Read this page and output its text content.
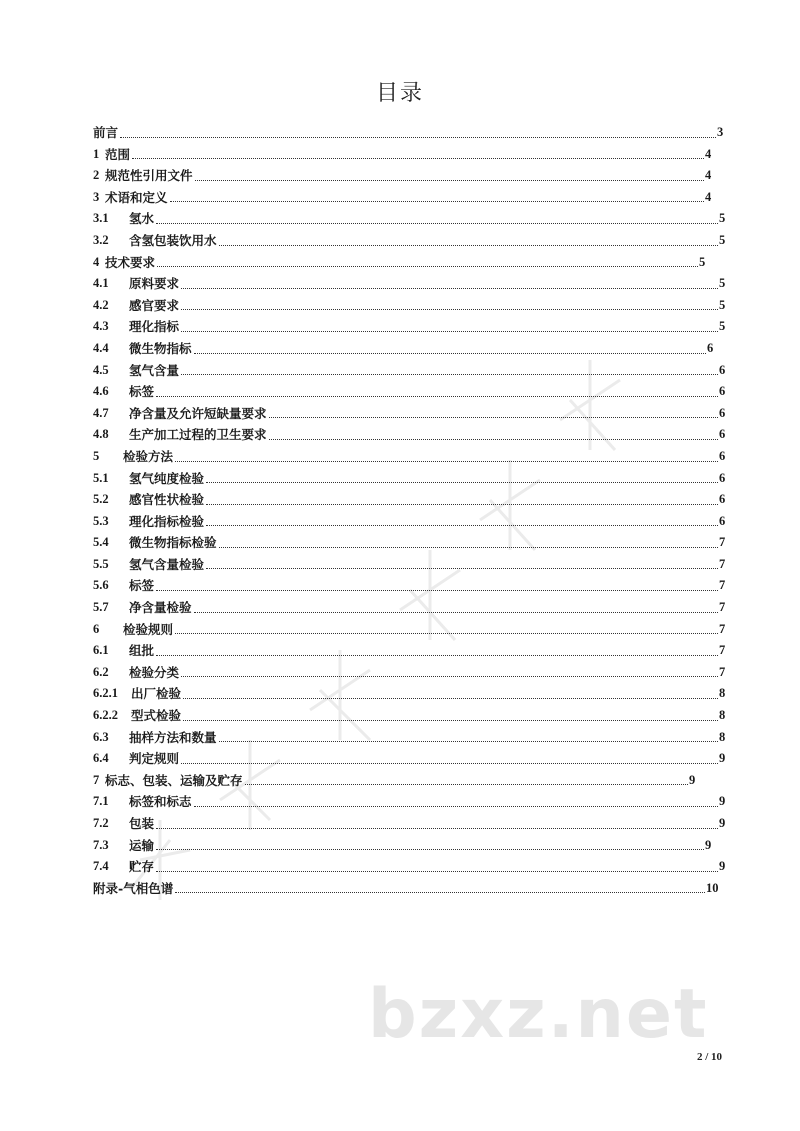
目录
前言	3
1 范围	4
2 规范性引用文件	4
3 术语和定义	4
3.1 氢水	5
3.2 含氢包装饮用水	5
4 技术要求	5
4.1 原料要求	5
4.2 感官要求	5
4.3 理化指标	5
4.4 微生物指标	6
4.5 氢气含量	6
4.6 标签	6
4.7 净含量及允许短缺量要求	6
4.8 生产加工过程的卫生要求	6
5 检验方法	6
5.1 氢气纯度检验	6
5.2 感官性状检验	6
5.3 理化指标检验	6
5.4 微生物指标检验	7
5.5 氢气含量检验	7
5.6 标签	7
5.7 净含量检验	7
6 检验规则	7
6.1 组批	7
6.2 检验分类	7
6.2.1 出厂检验	8
6.2.2 型式检验	8
6.3 抽样方法和数量	8
6.4 判定规则	9
7 标志、包装、运输及贮存	9
7.1 标签和标志	9
7.2 包装	9
7.3 运输	9
7.4 贮存	9
附录-气相色谱	10
bzxz.net
2 / 10
